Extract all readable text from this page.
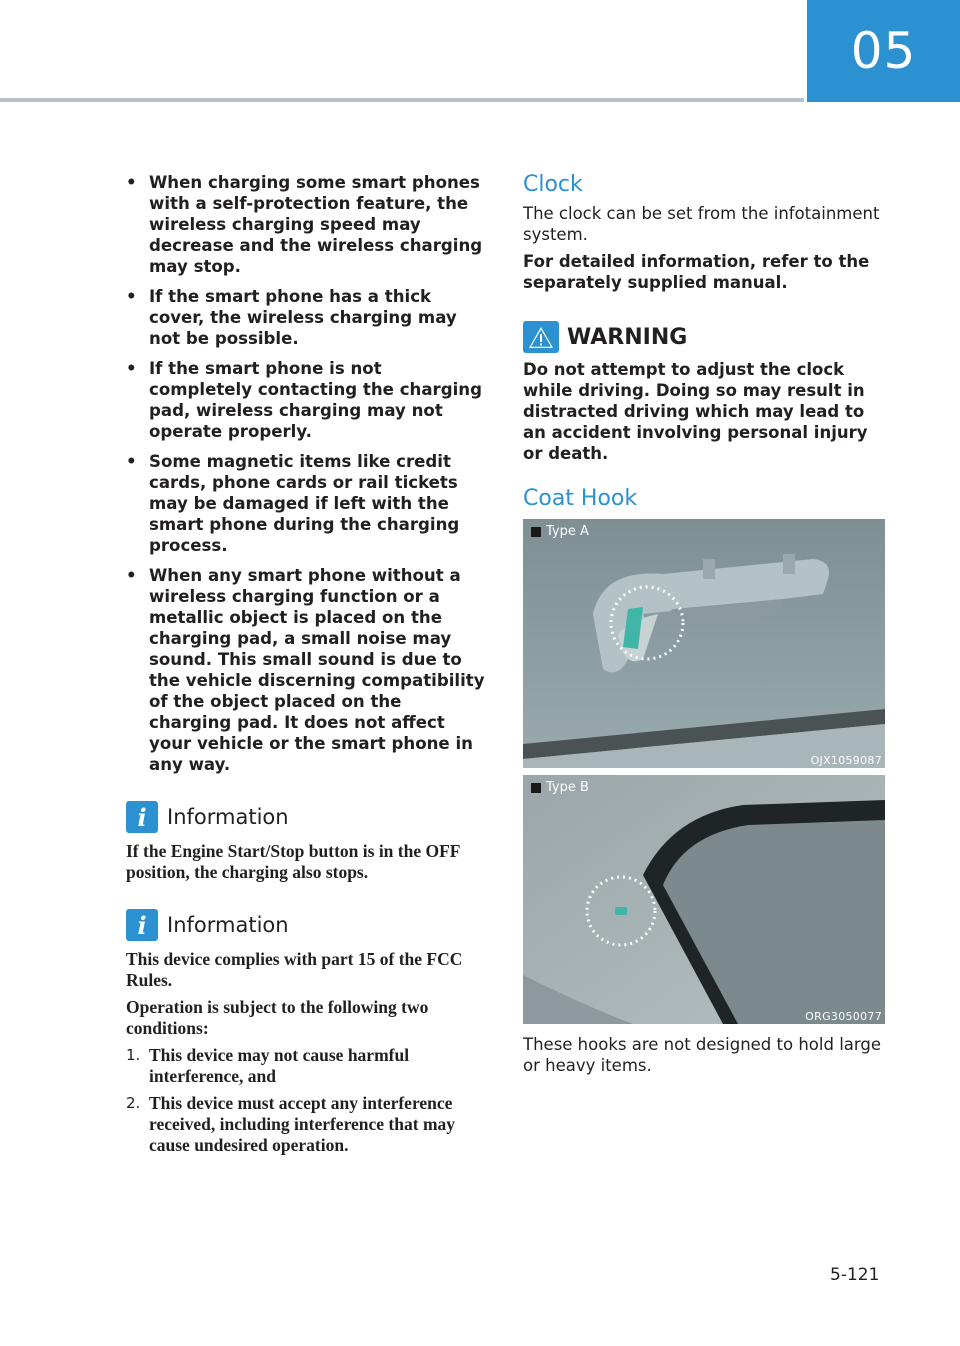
05
• When charging some smart phones with a self-protection feature, the wireless charging speed may decrease and the wireless charging may stop.
• If the smart phone has a thick cover, the wireless charging may not be possible.
• If the smart phone is not completely contacting the charging pad, wireless charging may not operate properly.
• Some magnetic items like credit cards, phone cards or rail tickets may be damaged if left with the smart phone during the charging process.
• When any smart phone without a wireless charging function or a metallic object is placed on the charging pad, a small noise may sound. This small sound is due to the vehicle discerning compatibility of the object placed on the charging pad. It does not affect your vehicle or the smart phone in any way.
i Information

If the Engine Start/Stop button is in the OFF position, the charging also stops.

i Information

This device complies with part 15 of the FCC Rules.

Operation is subject to the following two conditions:

1. This device may not cause harmful interference, and
2. This device must accept any interference received, including interference that may cause undesired operation.
Clock

The clock can be set from the infotainment system.

For detailed information, refer to the separately supplied manual.

WARNING

Do not attempt to adjust the clock while driving. Doing so may result in distracted driving which may lead to an accident involving personal injury or death.

Coat Hook
Type A
OJX1059087
Type B
ORG3050077

These hooks are not designed to hold large or heavy items.

5-121
